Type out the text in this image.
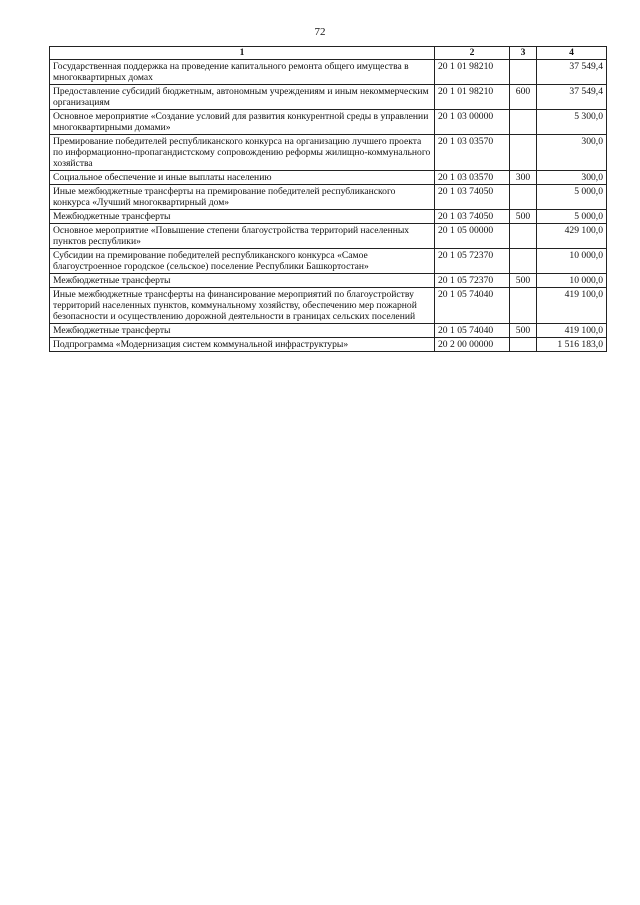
72
1	2	3	4
Государственная поддержка на проведение капитального ремонта общего имущества в многоквартирных домах	20 1 01 98210		37 549,4
Предоставление субсидий бюджетным, автономным учреждениям и иным некоммерческим организациям	20 1 01 98210	600	37 549,4
Основное мероприятие «Создание условий для развития конкурентной среды в управлении многоквартирными домами»	20 1 03 00000		5 300,0
Премирование победителей республиканского конкурса на организацию лучшего проекта по информационно-пропагандистскому сопровождению реформы жилищно-коммунального хозяйства	20 1 03 03570		300,0
Социальное обеспечение и иные выплаты населению	20 1 03 03570	300	300,0
Иные межбюджетные трансферты на премирование победителей республиканского конкурса «Лучший многоквартирный дом»	20 1 03 74050		5 000,0
Межбюджетные трансферты	20 1 03 74050	500	5 000,0
Основное мероприятие «Повышение степени благоустройства территорий населенных пунктов республики»	20 1 05 00000		429 100,0
Субсидии на премирование победителей республиканского конкурса «Самое благоустроенное городское (сельское) поселение Республики Башкортостан»	20 1 05 72370		10 000,0
Межбюджетные трансферты	20 1 05 72370	500	10 000,0
Иные межбюджетные трансферты на финансирование мероприятий по благоустройству территорий населенных пунктов, коммунальному хозяйству, обеспечению мер пожарной безопасности и осуществлению дорожной деятельности в границах сельских поселений	20 1 05 74040		419 100,0
Межбюджетные трансферты	20 1 05 74040	500	419 100,0
Подпрограмма «Модернизация систем коммунальной инфраструктуры»	20 2 00 00000		1 516 183,0
